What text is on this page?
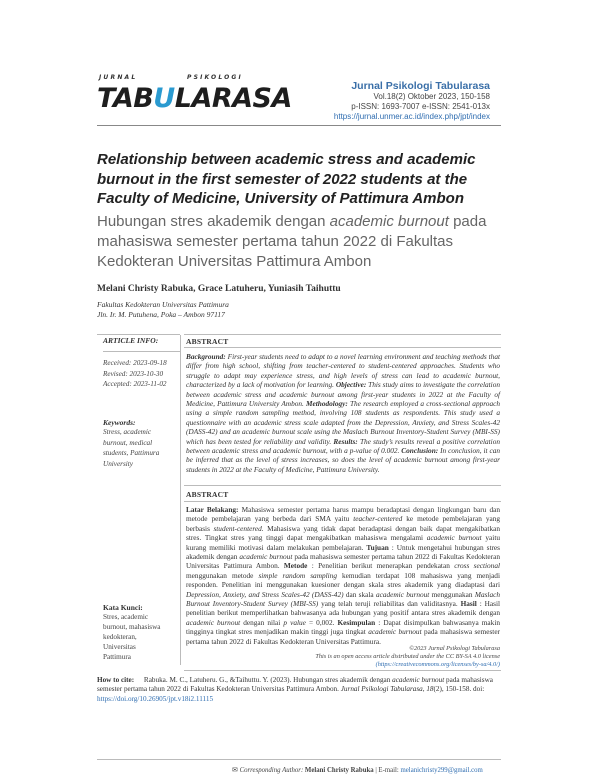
JURNAL	PSIKOLOGI
TABULARASA	Jurnal Psikologi Tabularasa
Vol.18(2) Oktober 2023, 150-158
p-ISSN: 1693-7007 e-ISSN: 2541-013x
https://jurnal.unmer.ac.id/index.php/jpt/index
Relationship between academic stress and academic burnout in the first semester of 2022 students at the Faculty of Medicine, University of Pattimura Ambon
Hubungan stres akademik dengan academic burnout pada mahasiswa semester pertama tahun 2022 di Fakultas Kedokteran Universitas Pattimura Ambon
Melani Christy Rabuka, Grace Latuheru, Yuniasih Taihuttu
Fakultas Kedokteran Universitas Pattimura
Jln. Ir. M. Putuhena, Poka – Ambon 97117
ARTICLE INFO:
Received: 2023-09-18
Revised: 2023-10-30
Accepted: 2023-11-02
Keywords:
Stress, academic
burnout, medical
students, Pattimura
University
Kata Kunci:
Stres, academic
burnout, mahasiswa
kedokteran,
Universitas
Pattimura
ABSTRACT
Background: First-year students need to adapt to a novel learning environment and teaching methods that differ from high school, shifting from teacher-centered to student-centered approaches. Students who struggle to adapt may experience stress, and high levels of stress can lead to academic burnout, characterized by a lack of motivation for learning. Objective: This study aims to investigate the correlation between academic stress and academic burnout among first-year students in 2022 at the Faculty of Medicine, Pattimura University Ambon. Methodology: The research employed a cross-sectional approach using a simple random sampling method, involving 108 students as respondents. This study used a questionnaire with an academic stress scale adapted from the Depression, Anxiety, and Stress Scales-42 (DASS-42) and an academic burnout scale using the Maslach Burnout Inventory-Student Survey (MBI-SS) which has been tested for reliability and validity. Results: The study’s results reveal a positive correlation between academic stress and academic burnout, with a p-value of 0.002. Conclusion: In conclusion, it can be inferred that as the level of stress increases, so does the level of academic burnout among first-year students in 2022 at the Faculty of Medicine, Pattimura University.
ABSTRACT
Latar Belakang: Mahasiswa semester pertama harus mampu beradaptasi dengan lingkungan baru dan metode pembelajaran yang berbeda dari SMA yaitu teacher-centered ke metode pembelajaran yang berbasis student-centered. Mahasiswa yang tidak dapat beradaptasi dengan baik dapat mengakibatkan stres. Tingkat stres yang tinggi dapat mengakibatkan mahasiswa mengalami academic burnout yaitu kurang memiliki motivasi dalam melakukan pembelajaran. Tujuan : Untuk mengetahui hubungan stres akademik dengan academic burnout pada mahasiswa semester pertama tahun 2022 di Fakultas Kedokteran Universitas Pattimura Ambon. Metode : Penelitian berikut menerapkan pendekatan cross sectional menggunakan metode simple random sampling kemudian terdapat 108 mahasiswa yang menjadi responden. Penelitian ini menggunakan kuesioner dengan skala stres akademik yang diadaptasi dari Depression, Anxiety, and Stress Scales-42 (DASS-42) dan skala academic burnout menggunakan Maslach Burnout Inventory-Student Survey (MBI-SS) yang telah teruji reliabilitas dan validitasnya. Hasil : Hasil penelitian berikut memperlihatkan bahwasanya ada hubungan yang positif antara stres akademik dengan academic burnout dengan nilai p value = 0,002. Kesimpulan : Dapat disimpulkan bahwasanya makin tingginya tingkat stres menjadikan makin tinggi juga tingkat academic burnout pada mahasiswa semester pertama tahun 2022 di Fakultas Kedokteran Universitas Pattimura.
©2023 Jurnal Psikologi Tabularasa
This is an open access article distributed under the CC BY-SA 4.0 license
(https://creativecommons.org/licenses/by-sa/4.0/)
How to cite: Rabuka. M. C., Latuheru. G., &Taihuttu. Y. (2023). Hubungan stres akademik dengan academic burnout pada mahasiswa semester pertama tahun 2022 di Fakultas Kedokteran Universitas Pattimura Ambon. Jurnal Psikologi Tabularasa, 18(2), 150-158. doi: https://doi.org/10.26905/jpt.v18i2.11115
✉ Corresponding Author: Melani Christy Rabuka | E-mail: melanichristy299@gmail.com
